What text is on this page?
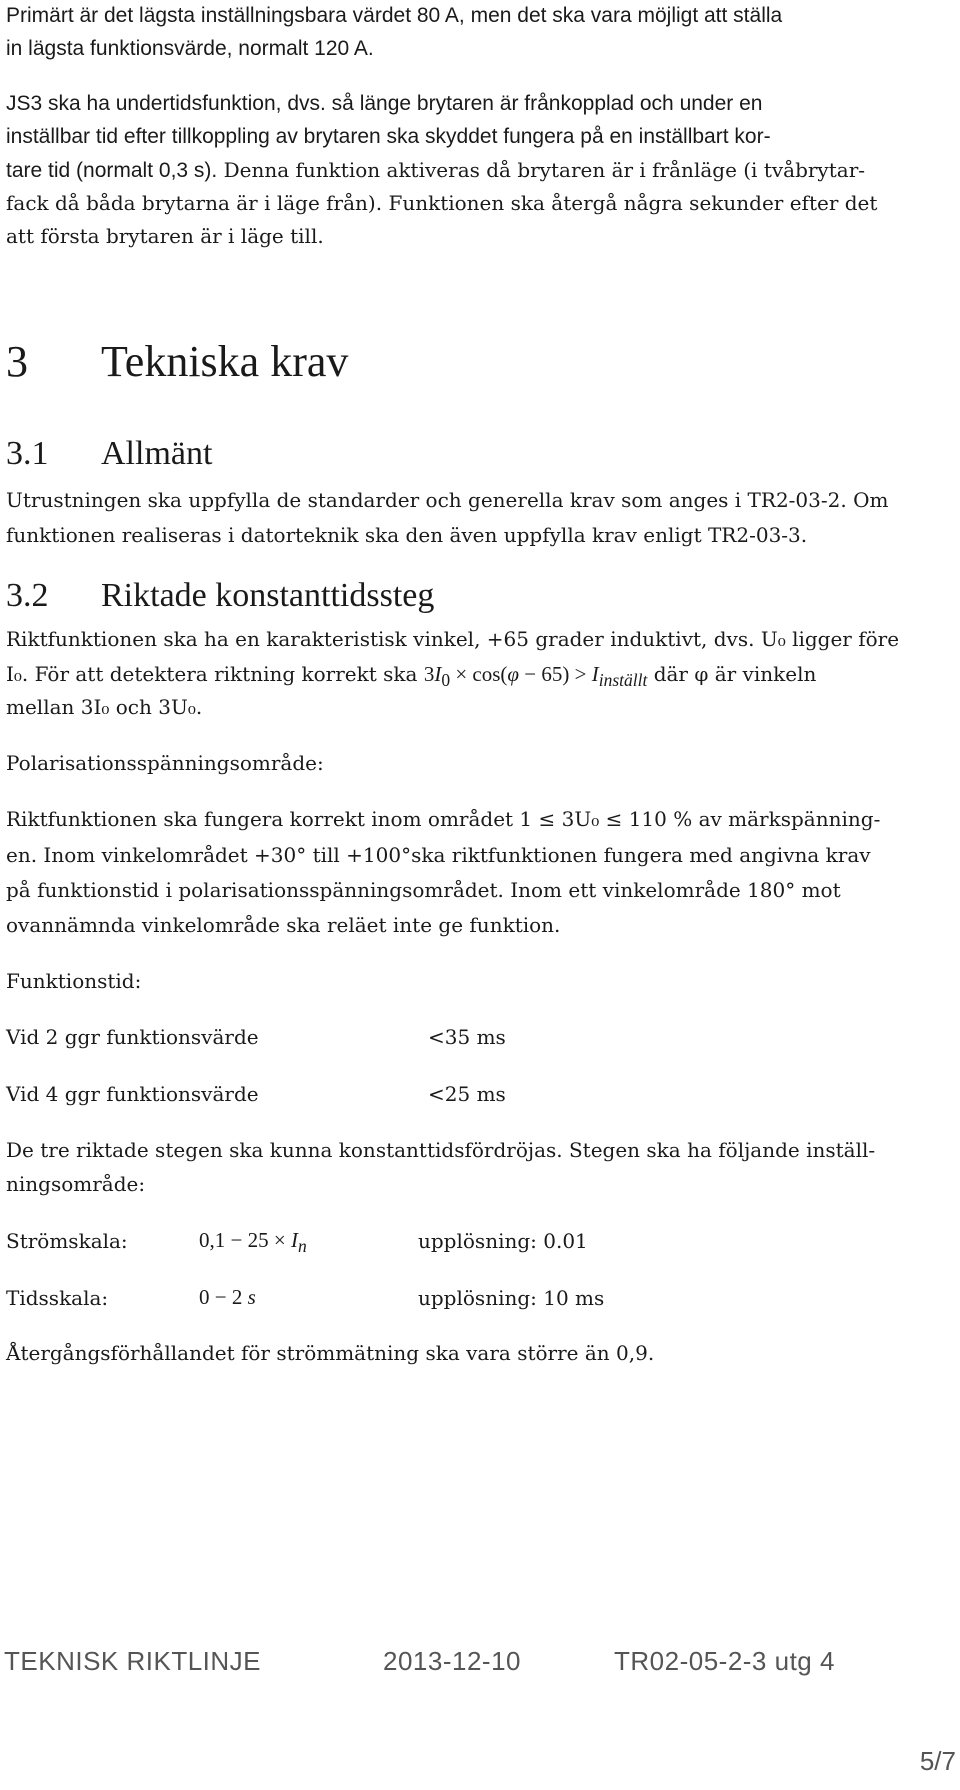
Primärt är det lägsta inställningsbara värdet 80 A, men det ska vara möjligt att ställa
in lägsta funktionsvärde, normalt 120 A.
JS3 ska ha undertidsfunktion, dvs. så länge brytaren är frånkopplad och under en
inställbar tid efter tillkoppling av brytaren ska skyddet fungera på en inställbart kor-
tare tid (normalt 0,3 s). Denna funktion aktiveras då brytaren är i frånläge (i tvåbrytar-
fack då båda brytarna är i läge från). Funktionen ska återgå några sekunder efter det
att första brytaren är i läge till.
3 Tekniska krav
3.1 Allmänt
Utrustningen ska uppfylla de standarder och generella krav som anges i TR2-03-2. Om
funktionen realiseras i datorteknik ska den även uppfylla krav enligt TR2-03-3.
3.2 Riktade konstanttidssteg
Riktfunktionen ska ha en karakteristisk vinkel, +65 grader induktivt, dvs. U₀ ligger före
I₀. För att detektera riktning korrekt ska $3I_0 \times \cos(\varphi - 65) > I_{inställt}$ där φ är vinkeln
mellan 3I₀ och 3U₀.
Polarisationsspänningsområde:
Riktfunktionen ska fungera korrekt inom området 1 ≤ 3U₀ ≤ 110 % av märkspänning-
en. Inom vinkelområdet +30° till +100°ska riktfunktionen fungera med angivna krav
på funktionstid i polarisationsspänningsområdet. Inom ett vinkelområde 180° mot
ovannämnda vinkelområde ska reläet inte ge funktion.
Funktionstid:
Vid 2 ggr funktionsvärde	<35 ms
Vid 4 ggr funktionsvärde	<25 ms
De tre riktade stegen ska kunna konstanttidsfördröjas. Stegen ska ha följande inställ-
ningsområde:
Strömskala:	$0,1 - 25 \times I_n$	upplösning: 0.01
Tidsskala:	0 − 2 s	upplösning: 10 ms
Återgångsförhållandet för strömmätning ska vara större än 0,9.
TEKNISK RIKTLINJE	2013-12-10	TR02-05-2-3 utg 4
5/7
